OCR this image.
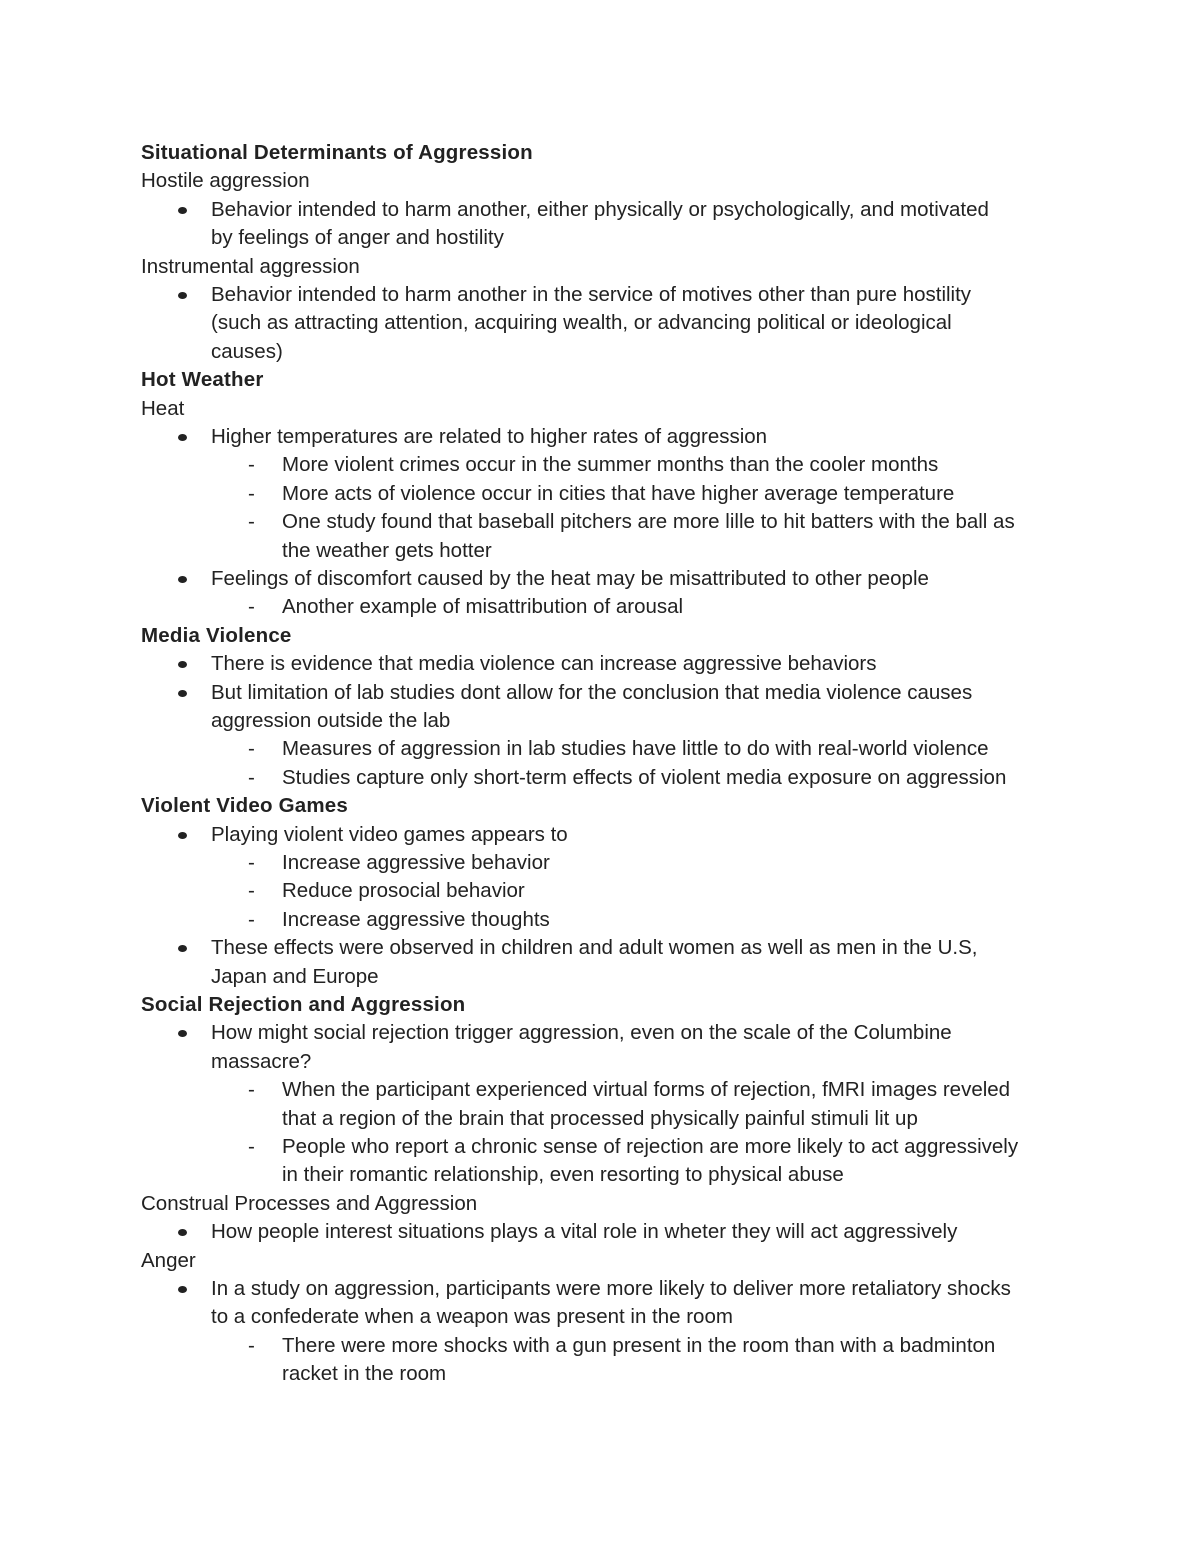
Situational Determinants of Aggression
Hostile aggression
Behavior intended to harm another, either physically or psychologically, and motivated
by feelings of anger and hostility
Instrumental aggression
Behavior intended to harm another in the service of motives other than pure hostility
(such as attracting attention, acquiring wealth, or advancing political or ideological
causes)
Hot Weather
Heat
Higher temperatures are related to higher rates of aggression
More violent crimes occur in the summer months than the cooler months
-
More acts of violence occur in cities that have higher average temperature
-
One study found that baseball pitchers are more lille to hit batters with the ball as
-
the weather gets hotter
Feelings of discomfort caused by the heat may be misattributed to other people
Another example of misattribution of arousal
-
Media Violence
There is evidence that media violence can increase aggressive behaviors
But limitation of lab studies dont allow for the conclusion that media violence causes
aggression outside the lab
Measures of aggression in lab studies have little to do with real-world violence
-
Studies capture only short-term effects of violent media exposure on aggression
-
Violent Video Games
Playing violent video games appears to
Increase aggressive behavior
-
Reduce prosocial behavior
-
Increase aggressive thoughts
-
These effects were observed in children and adult women as well as men in the U.S,
Japan and Europe
Social Rejection and Aggression
How might social rejection trigger aggression, even on the scale of the Columbine
massacre?
When the participant experienced virtual forms of rejection, fMRI images reveled
-
that a region of the brain that processed physically painful stimuli lit up
People who report a chronic sense of rejection are more likely to act aggressively
-
in their romantic relationship, even resorting to physical abuse
Construal Processes and Aggression
How people interest situations plays a vital role in wheter they will act aggressively
Anger
In a study on aggression, participants were more likely to deliver more retaliatory shocks
to a confederate when a weapon was present in the room
There were more shocks with a gun present in the room than with a badminton
-
racket in the room
